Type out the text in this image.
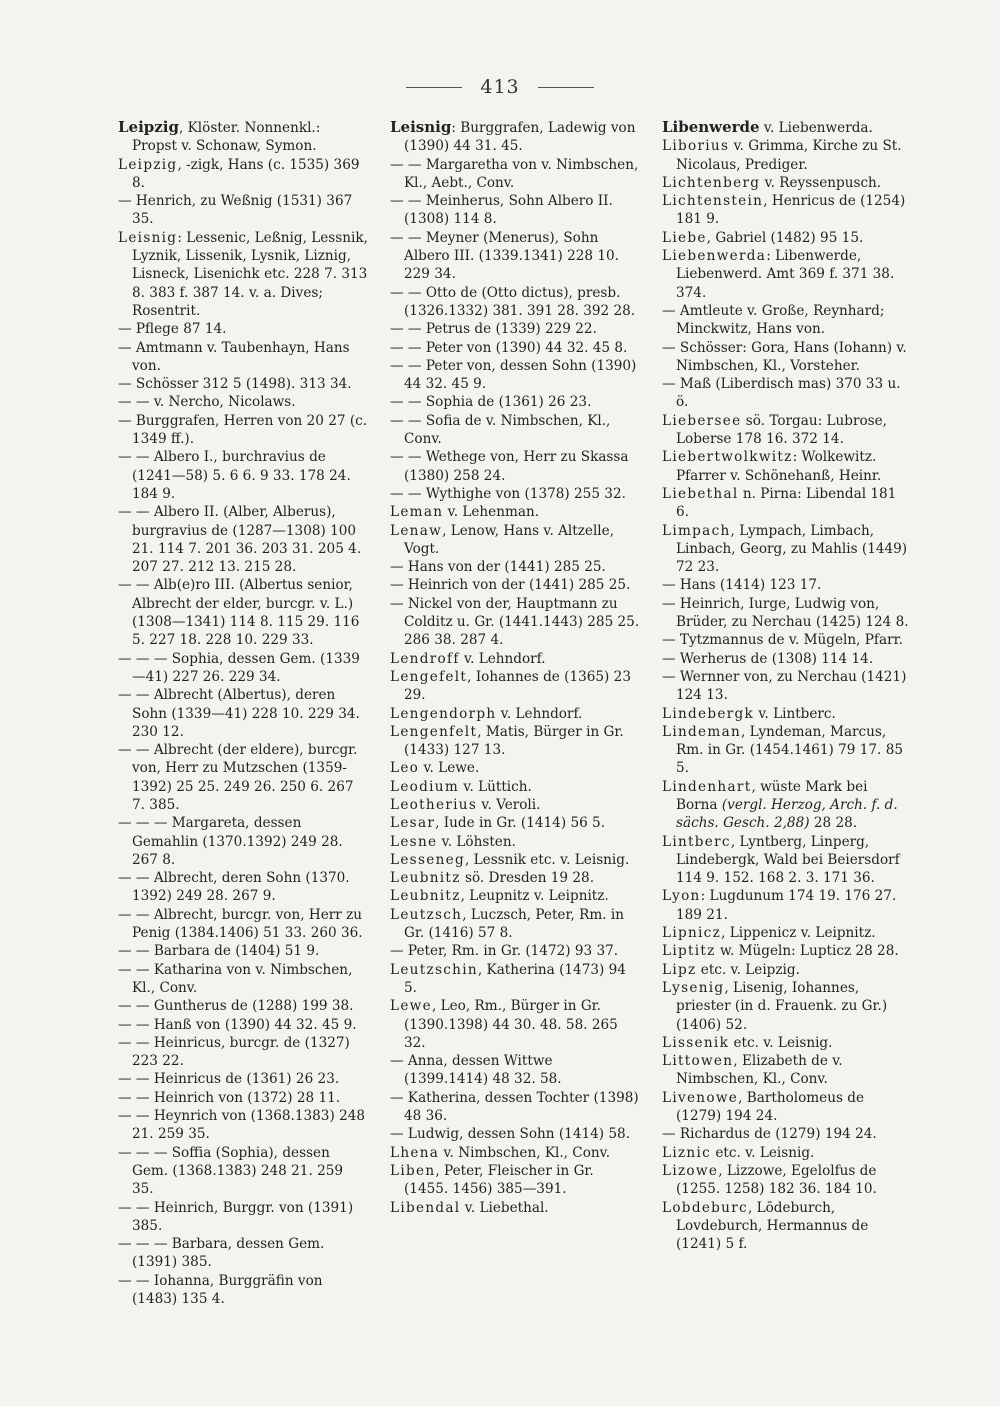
413

Leipzig, Klöster. Nonnenkl.: Propst v. Schonaw, Symon.

Leipzig, -zigk, Hans (c. 1535) 369 8.

— Henrich, zu Weßnig (1531) 367 35.

Leisnig: Lessenic, Leßnig, Lessnik, Lyznik, Lissenik, Lysnik, Liznig, Lisneck, Lisenichk etc. 228 7. 313 8. 383 f. 387 14. v. a. Dives; Rosentrit.

— Pflege 87 14.

— Amtmann v. Taubenhayn, Hans von.

— Schösser 312 5 (1498). 313 34.

— — v. Nercho, Nicolaws.

— Burggrafen, Herren von 20 27 (c. 1349 ff.).

— — Albero I., burchravius de (1241—58) 5. 6 6. 9 33. 178 24. 184 9.

— — Albero II. (Alber, Alberus), burgravius de (1287—1308) 100 21. 114 7. 201 36. 203 31. 205 4. 207 27. 212 13. 215 28.

— — Alb(e)ro III. (Albertus senior, Albrecht der elder, burcgr. v. L.) (1308—1341) 114 8. 115 29. 116 5. 227 18. 228 10. 229 33.

— — — Sophia, dessen Gem. (1339—41) 227 26. 229 34.

— — Albrecht (Albertus), deren Sohn (1339—41) 228 10. 229 34. 230 12.

— — Albrecht (der eldere), burcgr. von, Herr zu Mutzschen (1359-1392) 25 25. 249 26. 250 6. 267 7. 385.

— — — Margareta, dessen Gemahlin (1370.1392) 249 28. 267 8.

— — Albrecht, deren Sohn (1370. 1392) 249 28. 267 9.

— — Albrecht, burcgr. von, Herr zu Penig (1384.1406) 51 33. 260 36.

— — Barbara de (1404) 51 9.

— — Katharina von v. Nimbschen, Kl., Conv.

— — Guntherus de (1288) 199 38.

— — Hanß von (1390) 44 32. 45 9.

— — Heinricus, burcgr. de (1327) 223 22.

— — Heinricus de (1361) 26 23.

— — Heinrich von (1372) 28 11.

— — Heynrich von (1368.1383) 248 21. 259 35.

— — — Soffia (Sophia), dessen Gem. (1368.1383) 248 21. 259 35.

— — Heinrich, Burggr. von (1391) 385.

— — — Barbara, dessen Gem. (1391) 385.

— — Iohanna, Burggräfin von (1483) 135 4.

Leisnig: Burggrafen, Ladewig von (1390) 44 31. 45.

— — Margaretha von v. Nimbschen, Kl., Aebt., Conv.

— — Meinherus, Sohn Albero II. (1308) 114 8.

— — Meyner (Menerus), Sohn Albero III. (1339.1341) 228 10. 229 34.

— — Otto de (Otto dictus), presb. (1326.1332) 381. 391 28. 392 28.

— — Petrus de (1339) 229 22.

— — Peter von (1390) 44 32. 45 8.

— — Peter von, dessen Sohn (1390) 44 32. 45 9.

— — Sophia de (1361) 26 23.

— — Sofia de v. Nimbschen, Kl., Conv.

— — Wethege von, Herr zu Skassa (1380) 258 24.

— — Wythighe von (1378) 255 32.

Leman v. Lehenman.

Lenaw, Lenow, Hans v. Altzelle, Vogt.

— Hans von der (1441) 285 25.

— Heinrich von der (1441) 285 25.

— Nickel von der, Hauptmann zu Colditz u. Gr. (1441.1443) 285 25. 286 38. 287 4.

Lendroff v. Lehndorf.

Lengefelt, Iohannes de (1365) 23 29.

Lengendorph v. Lehndorf.

Lengenfelt, Matis, Bürger in Gr. (1433) 127 13.

Leo v. Lewe.

Leodium v. Lüttich.

Leotherius v. Veroli.

Lesar, Iude in Gr. (1414) 56 5.

Lesne v. Löhsten.

Lesseneg, Lessnik etc. v. Leisnig.

Leubnitz sö. Dresden 19 28.

Leubnitz, Leupnitz v. Leipnitz.

Leutzsch, Luczsch, Peter, Rm. in Gr. (1416) 57 8.

— Peter, Rm. in Gr. (1472) 93 37.

Leutzschin, Katherina (1473) 94 5.

Lewe, Leo, Rm., Bürger in Gr. (1390.1398) 44 30. 48. 58. 265 32.

— Anna, dessen Wittwe (1399.1414) 48 32. 58.

— Katherina, dessen Tochter (1398) 48 36.

— Ludwig, dessen Sohn (1414) 58.

Lhena v. Nimbschen, Kl., Conv.

Liben, Peter, Fleischer in Gr. (1455. 1456) 385—391.

Libendal v. Liebethal.

Libenwerde v. Liebenwerda.

Liborius v. Grimma, Kirche zu St. Nicolaus, Prediger.

Lichtenberg v. Reyssenpusch.

Lichtenstein, Henricus de (1254) 181 9.

Liebe, Gabriel (1482) 95 15.

Liebenwerda: Libenwerde, Liebenwerd. Amt 369 f. 371 38. 374.

— Amtleute v. Große, Reynhard; Minckwitz, Hans von.

— Schösser: Gora, Hans (Iohann) v. Nimbschen, Kl., Vorsteher.

— Maß (Liberdisch mas) 370 33 u. ö.

Liebersee sö. Torgau: Lubrose, Loberse 178 16. 372 14.

Liebertwolkwitz: Wolkewitz. Pfarrer v. Schönehanß, Heinr.

Liebethal n. Pirna: Libendal 181 6.

Limpach, Lympach, Limbach, Linbach, Georg, zu Mahlis (1449) 72 23.

— Hans (1414) 123 17.

— Heinrich, Iurge, Ludwig von, Brüder, zu Nerchau (1425) 124 8.

— Tytzmannus de v. Mügeln, Pfarr.

— Werherus de (1308) 114 14.

— Wernner von, zu Nerchau (1421) 124 13.

Lindebergk v. Lintberc.

Lindeman, Lyndeman, Marcus, Rm. in Gr. (1454.1461) 79 17. 85 5.

Lindenhart, wüste Mark bei Borna (vergl. Herzog, Arch. f. d. sächs. Gesch. 2,88) 28 28.

Lintberc, Lyntberg, Linperg, Lindebergk, Wald bei Beiersdorf 114 9. 152. 168 2. 3. 171 36.

Lyon: Lugdunum 174 19. 176 27. 189 21.

Lipnicz, Lippenicz v. Leipnitz.

Liptitz w. Mügeln: Lupticz 28 28.

Lipz etc. v. Leipzig.

Lysenig, Lisenig, Iohannes, priester (in d. Frauenk. zu Gr.) (1406) 52.

Lissenik etc. v. Leisnig.

Littowen, Elizabeth de v. Nimbschen, Kl., Conv.

Livenowe, Bartholomeus de (1279) 194 24.

— Richardus de (1279) 194 24.

Liznic etc. v. Leisnig.

Lizowe, Lizzowe, Egelolfus de (1255. 1258) 182 36. 184 10.

Lobdeburc, Lōdeburch, Lovdeburch, Hermannus de (1241) 5 f.
